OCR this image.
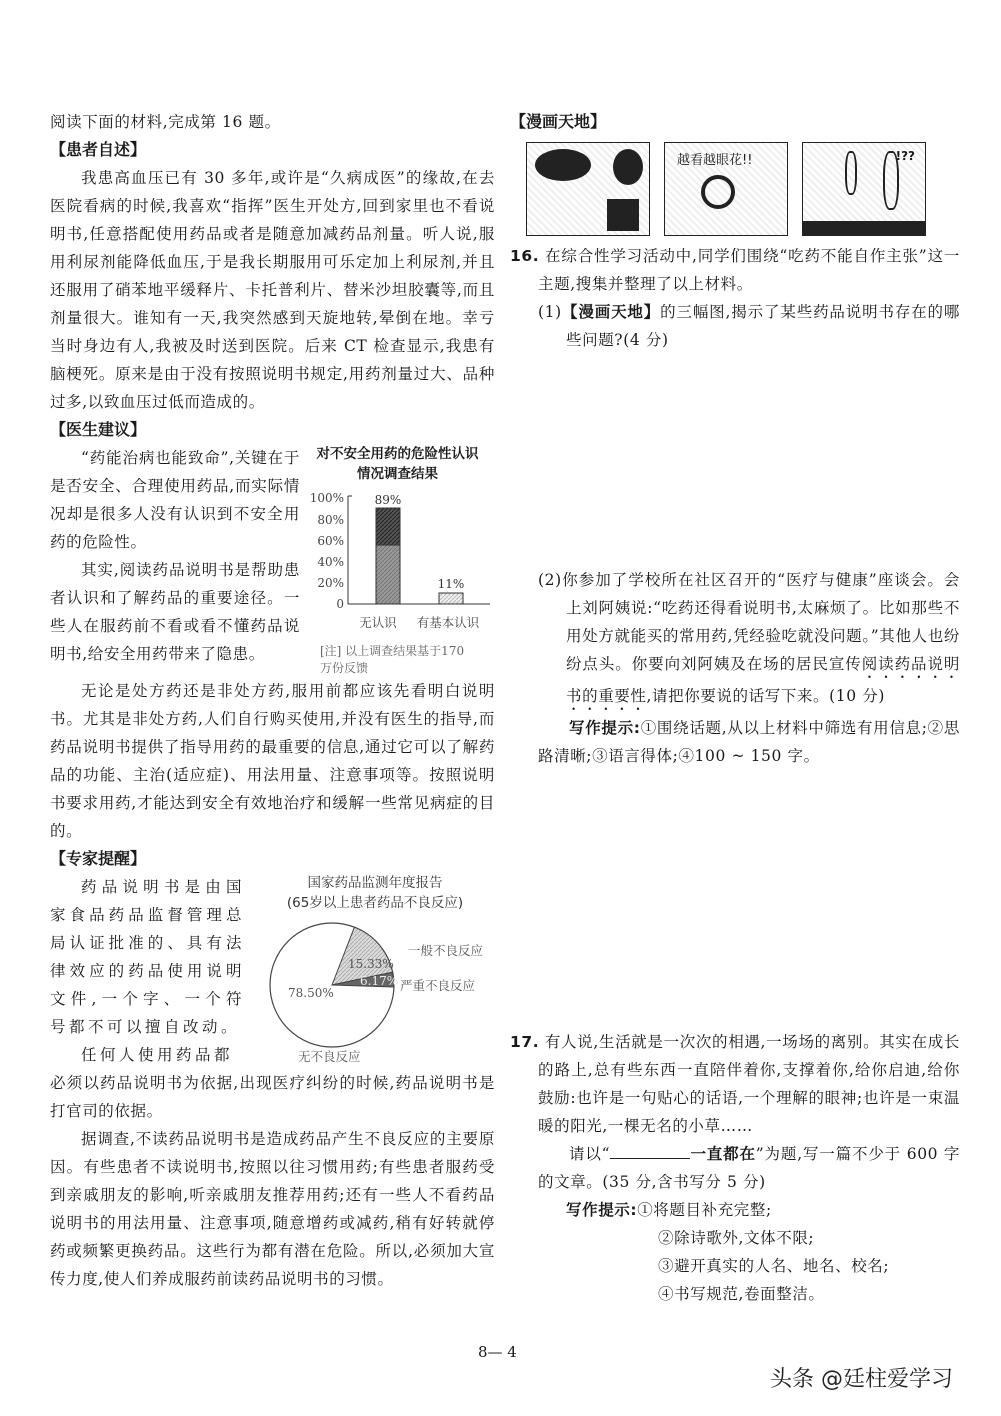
阅读下面的材料,完成第 16 题。

【患者自述】

我患高血压已有 30 多年,或许是“久病成医”的缘故,在去医院看病的时候,我喜欢“指挥”医生开处方,回到家里也不看说明书,任意搭配使用药品或者是随意加减药品剂量。听人说,服用利尿剂能降低血压,于是我长期服用可乐定加上利尿剂,并且还服用了硝苯地平缓释片、卡托普利片、替米沙坦胶囊等,而且剂量很大。谁知有一天,我突然感到天旋地转,晕倒在地。幸亏当时身边有人,我被及时送到医院。后来 CT 检查显示,我患有脑梗死。原来是由于没有按照说明书规定,用药剂量过大、品种过多,以致血压过低而造成的。

【医生建议】

“药能治病也能致命”,关键在于是否安全、合理使用药品,而实际情况却是很多人没有认识到不安全用药的危险性。

其实,阅读药品说明书是帮助患者认识和了解药品的重要途径。一些人在服药前不看或看不懂药品说明书,给安全用药带来了隐患。

对不安全用药的危险性认识情况调查结果
100%
80%
60%
40%
20%
0
89%
11%
无认识 有基本认识
[注] 以上调查结果基于170万份反馈

无论是处方药还是非处方药,服用前都应该先看明白说明书。尤其是非处方药,人们自行购买使用,并没有医生的指导,而药品说明书提供了指导用药的最重要的信息,通过它可以了解药品的功能、主治(适应症)、用法用量、注意事项等。按照说明书要求用药,才能达到安全有效地治疗和缓解一些常见病症的目的。

【专家提醒】

药品说明书是由国家食品药品监督管理总局认证批准的、具有法律效应的药品使用说明文件,一个字、一个符号都不可以擅自改动。

任何人使用药品都

国家药品监测年度报告
(65岁以上患者药品不良反应)
15.33%
6.17%
78.50%
一般不良反应
严重不良反应
无不良反应

必须以药品说明书为依据,出现医疗纠纷的时候,药品说明书是打官司的依据。

据调查,不读药品说明书是造成药品产生不良反应的主要原因。有些患者不读说明书,按照以往习惯用药;有些患者服药受到亲戚朋友的影响,听亲戚朋友推荐用药;还有一些人不看药品说明书的用法用量、注意事项,随意增药或减药,稍有好转就停药或频繁更换药品。这些行为都有潜在危险。所以,必须加大宣传力度,使人们养成服药前读药品说明书的习惯。

【漫画天地】

越看越眼花!!	!??

16. 在综合性学习活动中,同学们围绕“吃药不能自作主张”这一主题,搜集并整理了以上材料。

(1)【漫画天地】的三幅图,揭示了某些药品说明书存在的哪些问题?(4 分)

(2)你参加了学校所在社区召开的“医疗与健康”座谈会。会上刘阿姨说:“吃药还得看说明书,太麻烦了。比如那些不用处方就能买的常用药,凭经验吃就没问题。”其他人也纷纷点头。你要向刘阿姨及在场的居民宣传阅读药品说明书的重要性,请把你要说的话写下来。(10 分)

写作提示:①围绕话题,从以上材料中筛选有用信息;②思路清晰;③语言得体;④100 ~ 150 字。

17. 有人说,生活就是一次次的相遇,一场场的离别。其实在成长的路上,总有些东西一直陪伴着你,支撑着你,给你启迪,给你鼓励:也许是一句贴心的话语,一个理解的眼神;也许是一束温暖的阳光,一棵无名的小草……

请以“	一直都在”为题,写一篇不少于 600 字的文章。(35 分,含书写分 5 分)

写作提示:①将题目补充完整;
②除诗歌外,文体不限;
③避开真实的人名、地名、校名;
④书写规范,卷面整洁。
8— 4
头条 @廷柱爱学习
